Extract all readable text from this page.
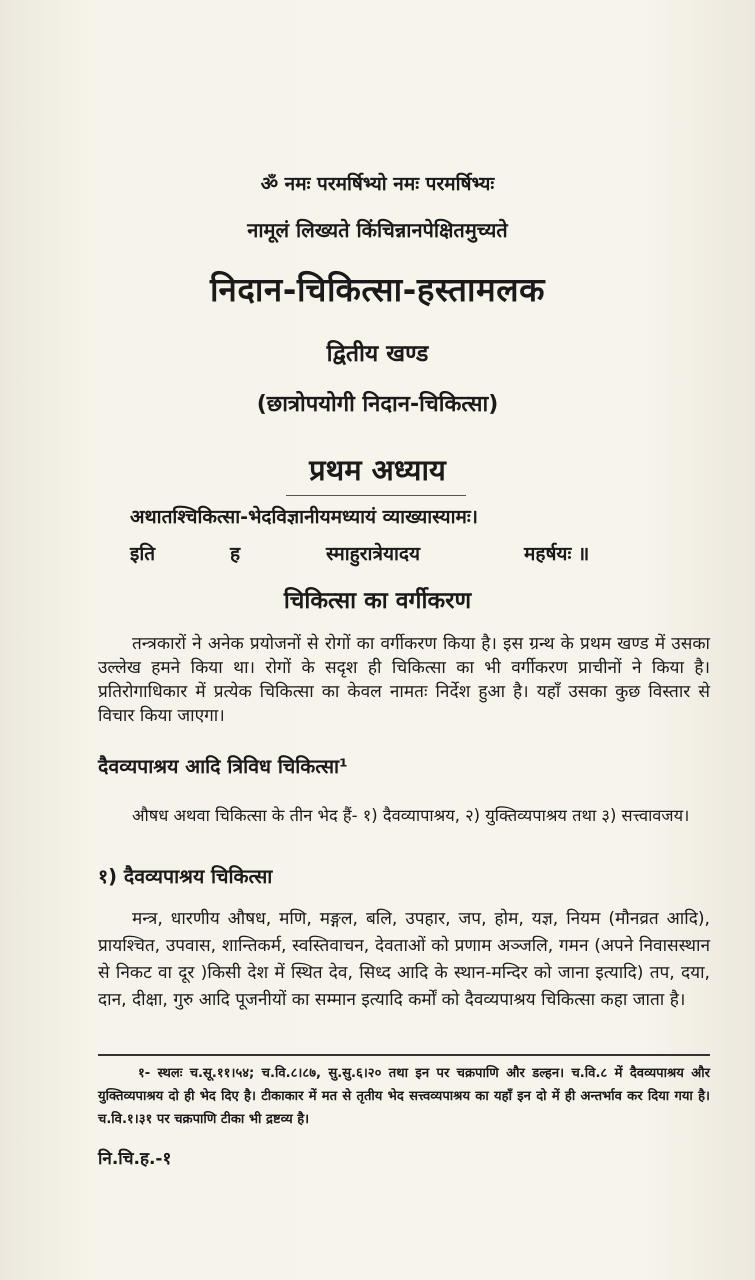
ॐ नमः परमर्षिभ्यो नमः परमर्षिभ्यः
नामूलं लिख्यते किंचिन्नानपेक्षितमुच्यते
निदान-चिकित्सा-हस्तामलक
द्वितीय खण्ड
(छात्रोपयोगी निदान-चिकित्सा)
प्रथम अध्याय
अथातश्चिकित्सा-भेदविज्ञानीयमध्यायं व्याख्यास्यामः।
इति	ह	स्माहुरात्रेयादय	महर्षयः ॥
चिकित्सा का वर्गीकरण
तन्त्रकारों ने अनेक प्रयोजनों से रोगों का वर्गीकरण किया है। इस ग्रन्थ के प्रथम खण्ड में उसका उल्लेख हमने किया था। रोगों के सदृश ही चिकित्सा का भी वर्गीकरण प्राचीनों ने किया है। प्रतिरोगाधिकार में प्रत्येक चिकित्सा का केवल नामतः निर्देश हुआ है। यहाँ उसका कुछ विस्तार से विचार किया जाएगा।
दैवव्यपाश्रय आदि त्रिविध चिकित्सा¹
औषध अथवा चिकित्सा के तीन भेद हैं- १) दैवव्यापाश्रय, २) युक्तिव्यपाश्रय तथा ३) सत्त्वावजय।
१) दैवव्यपाश्रय चिकित्सा
मन्त्र, धारणीय औषध, मणि, मङ्गल, बलि, उपहार, जप, होम, यज्ञ, नियम (मौनव्रत आदि), प्रायश्चित, उपवास, शान्तिकर्म, स्वस्तिवाचन, देवताओं को प्रणाम अञ्जलि, गमन (अपने निवासस्थान से निकट वा दूर )किसी देश में स्थित देव, सिध्द आदि के स्थान-मन्दिर को जाना इत्यादि) तप, दया, दान, दीक्षा, गुरु आदि पूजनीयों का सम्मान इत्यादि कर्मों को दैवव्यपाश्रय चिकित्सा कहा जाता है।
१- स्थलः च.सू.११।५४; च.वि.८।८७, सु.सु.६।२० तथा इन पर चक्रपाणि और डल्हन। च.वि.८ में दैवव्यपाश्रय और युक्तिव्यपाश्रय दो ही भेद दिए है। टीकाकार में मत से तृतीय भेद सत्त्वव्यपाश्रय का यहाँ इन दो में ही अन्तर्भाव कर दिया गया है। च.वि.१।३१ पर चक्रपाणि टीका भी द्रष्टव्य है।
नि.चि.ह.-१
